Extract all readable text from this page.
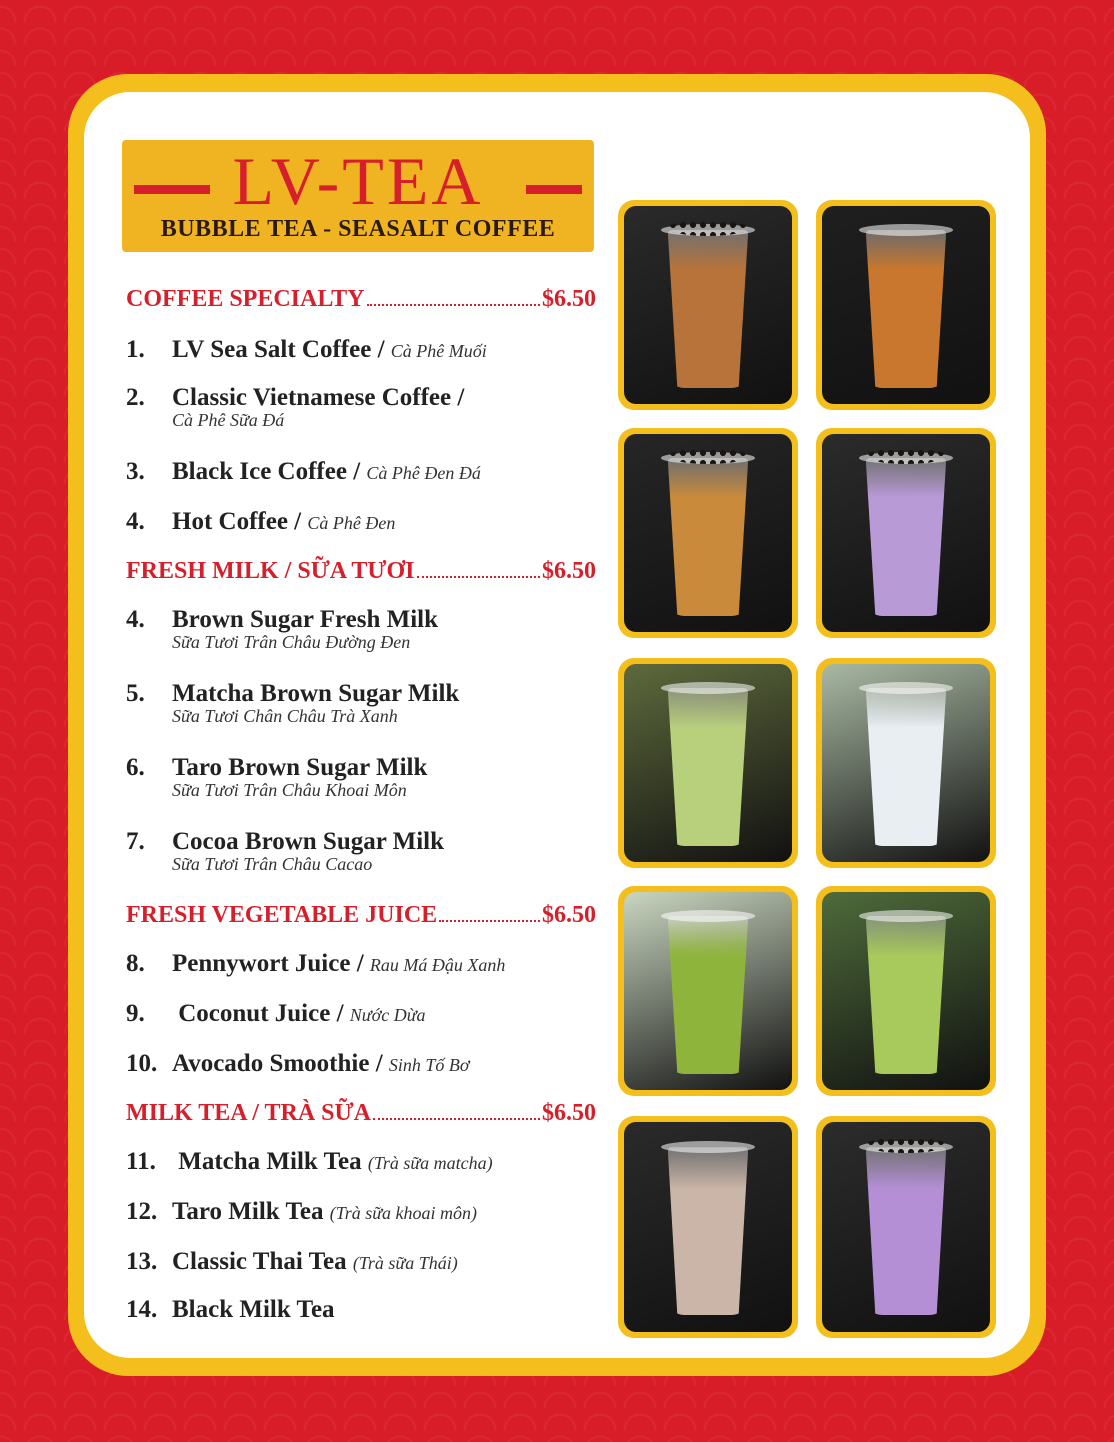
LV-TEA
BUBBLE TEA - SEASALT COFFEE
COFFEE SPECIALTY	$6.50
1. LV Sea Salt Coffee / Cà Phê Muối
2. Classic Vietnamese Coffee /
Cà Phê Sữa Đá
3. Black Ice Coffee / Cà Phê Đen Đá
4. Hot Coffee / Cà Phê Đen
FRESH MILK / SỮA TƯƠI	$6.50
4. Brown Sugar Fresh Milk
Sữa Tươi Trân Châu Đường Đen
5. Matcha Brown Sugar Milk
Sữa Tươi Chân Châu Trà Xanh
6. Taro Brown Sugar Milk
Sữa Tươi Trân Châu Khoai Môn
7. Cocoa Brown Sugar Milk
Sữa Tươi Trân Châu Cacao
FRESH VEGETABLE JUICE	$6.50
8. Pennywort Juice / Rau Má Đậu Xanh
9. Coconut Juice / Nước Dừa
10. Avocado Smoothie / Sinh Tố Bơ
MILK TEA / TRÀ SỮA	$6.50
11. Matcha Milk Tea (Trà sữa matcha)
12. Taro Milk Tea (Trà sữa khoai môn)
13. Classic Thai Tea (Trà sữa Thái)
14. Black Milk Tea
